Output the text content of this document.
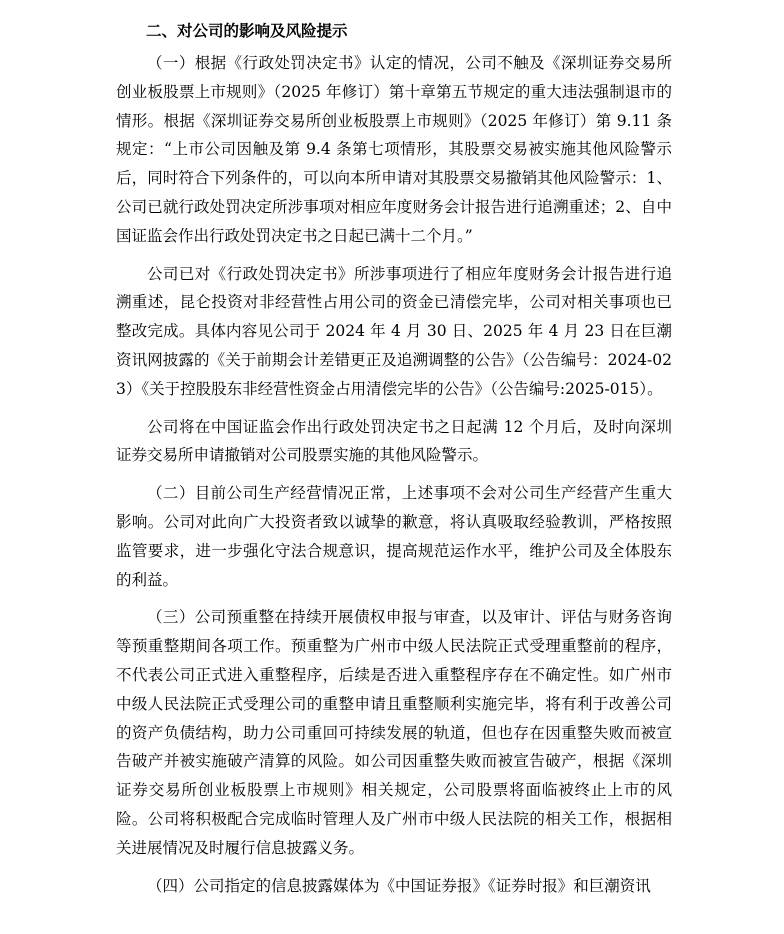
二、对公司的影响及风险提示

（一）根据《行政处罚决定书》认定的情况，公司不触及《深圳证券交易所创业板股票上市规则》（2025 年修订）第十章第五节规定的重大违法强制退市的情形。根据《深圳证券交易所创业板股票上市规则》（2025 年修订）第 9.11 条规定：“上市公司因触及第 9.4 条第七项情形，其股票交易被实施其他风险警示后，同时符合下列条件的，可以向本所申请对其股票交易撤销其他风险警示：1、公司已就行政处罚决定所涉事项对相应年度财务会计报告进行追溯重述；2、自中国证监会作出行政处罚决定书之日起已满十二个月。”

公司已对《行政处罚决定书》所涉事项进行了相应年度财务会计报告进行追溯重述，昆仑投资对非经营性占用公司的资金已清偿完毕，公司对相关事项也已整改完成。具体内容见公司于 2024 年 4 月 30 日、2025 年 4 月 23 日在巨潮资讯网披露的《关于前期会计差错更正及追溯调整的公告》（公告编号：2024-023）《关于控股股东非经营性资金占用清偿完毕的公告》（公告编号:2025-015）。

公司将在中国证监会作出行政处罚决定书之日起满 12 个月后，及时向深圳证券交易所申请撤销对公司股票实施的其他风险警示。

（二）目前公司生产经营情况正常，上述事项不会对公司生产经营产生重大影响。公司对此向广大投资者致以诚挚的歉意，将认真吸取经验教训，严格按照监管要求，进一步强化守法合规意识，提高规范运作水平，维护公司及全体股东的利益。

（三）公司预重整在持续开展债权申报与审查，以及审计、评估与财务咨询等预重整期间各项工作。预重整为广州市中级人民法院正式受理重整前的程序，不代表公司正式进入重整程序，后续是否进入重整程序存在不确定性。如广州市中级人民法院正式受理公司的重整申请且重整顺利实施完毕，将有利于改善公司的资产负债结构，助力公司重回可持续发展的轨道，但也存在因重整失败而被宣告破产并被实施破产清算的风险。如公司因重整失败而被宣告破产，根据《深圳证券交易所创业板股票上市规则》相关规定，公司股票将面临被终止上市的风险。公司将积极配合完成临时管理人及广州市中级人民法院的相关工作，根据相关进展情况及时履行信息披露义务。

（四）公司指定的信息披露媒体为《中国证券报》《证券时报》和巨潮资讯
